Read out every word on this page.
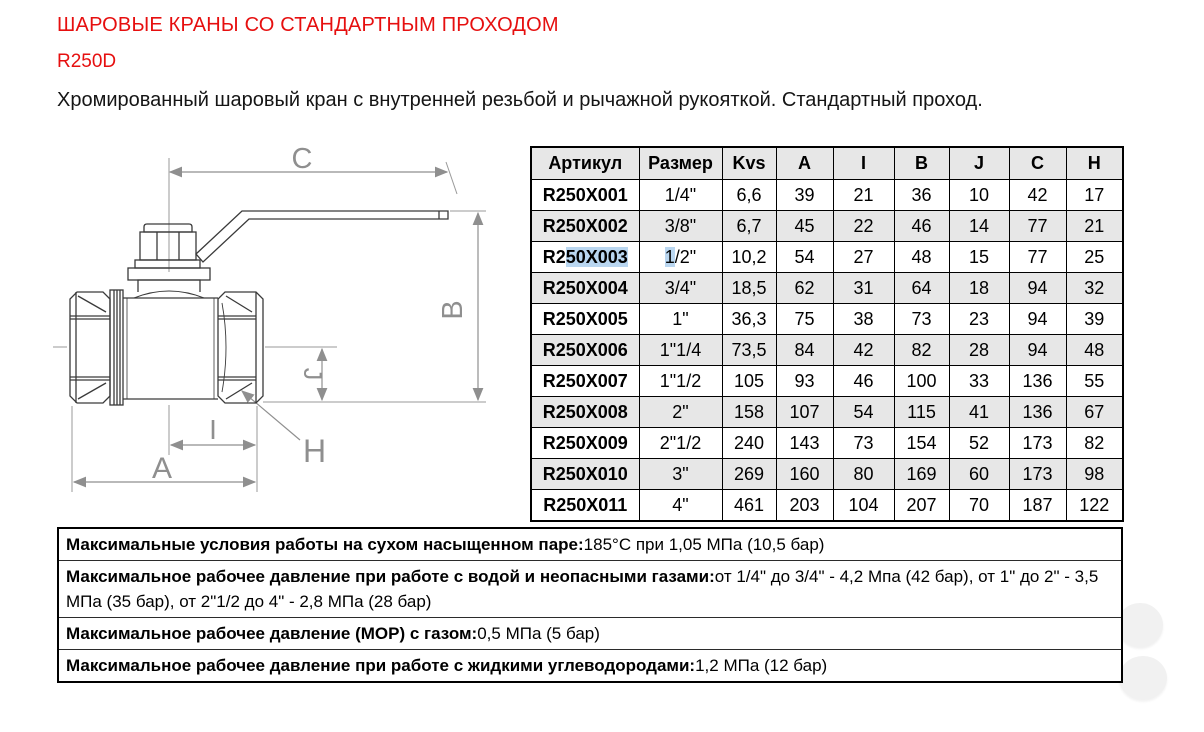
ШАРОВЫЕ КРАНЫ СО СТАНДАРТНЫМ ПРОХОДОМ
R250D

Хромированный шаровый кран с внутренней резьбой и рычажной рукояткой. Стандартный проход.

C
B
J
I
A	H
Артикул	Размер	Kvs	A	I	B	J	C	H
R250X001	1/4"	6,6	39	21	36	10	42	17
R250X002	3/8"	6,7	45	22	46	14	77	21
R250X003	1/2"	10,2	54	27	48	15	77	25
R250X004	3/4"	18,5	62	31	64	18	94	32
R250X005	1"	36,3	75	38	73	23	94	39
R250X006	1"1/4	73,5	84	42	82	28	94	48
R250X007	1"1/2	105	93	46	100	33	136	55
R250X008	2"	158	107	54	115	41	136	67
R250X009	2"1/2	240	143	73	154	52	173	82
R250X010	3"	269	160	80	169	60	173	98
R250X011	4"	461	203	104	207	70	187	122
Максимальные условия работы на сухом насыщенном паре:185°C при 1,05 МПа (10,5 бар)
Максимальное рабочее давление при работе с водой и неопасными газами:от 1/4" до 3/4" - 4,2 Мпа (42 бар), от 1" до 2" - 3,5 МПа (35 бар), от 2"1/2 до 4" - 2,8 МПа (28 бар)
Максимальное рабочее давление (MOP) с газом:0,5 МПа (5 бар)
Максимальное рабочее давление при работе с жидкими углеводородами:1,2 МПа (12 бар)
